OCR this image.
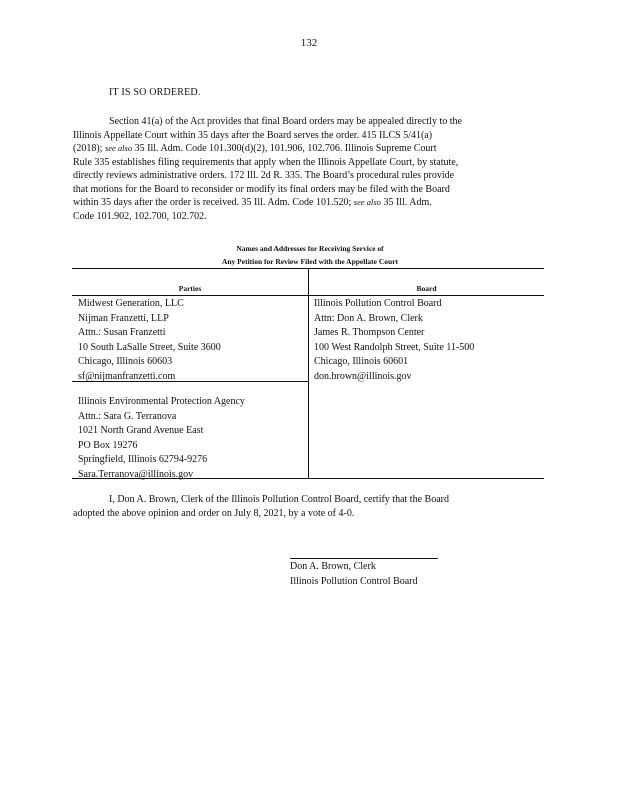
132
IT IS SO ORDERED.
Section 41(a) of the Act provides that final Board orders may be appealed directly to the
Illinois Appellate Court within 35 days after the Board serves the order. 415 ILCS 5/41(a)
(2018); see also 35 Ill. Adm. Code 101.300(d)(2), 101.906, 102.706. Illinois Supreme Court
Rule 335 establishes filing requirements that apply when the Illinois Appellate Court, by statute,
directly reviews administrative orders. 172 Ill. 2d R. 335. The Board’s procedural rules provide
that motions for the Board to reconsider or modify its final orders may be filed with the Board
within 35 days after the order is received. 35 Ill. Adm. Code 101.520; see also 35 Ill. Adm.
Code 101.902, 102.700, 102.702.
Names and Addresses for Receiving Service of
Any Petition for Review Filed with the Appellate Court
Parties	Board
Midwest Generation, LLC
Nijman Franzetti, LLP
Attn.: Susan Franzetti
10 South LaSalle Street, Suite 3600
Chicago, Illinois 60603
sf@nijmanfranzetti.com
Illinois Environmental Protection Agency
Attn.: Sara G. Terranova
1021 North Grand Avenue East
PO Box 19276
Springfield, Illinois 62794-9276
Sara.Terranova@illinois.gov
Illinois Pollution Control Board
Attn: Don A. Brown, Clerk
James R. Thompson Center
100 West Randolph Street, Suite 11-500
Chicago, Illinois 60601
don.brown@illinois.gov
I, Don A. Brown, Clerk of the Illinois Pollution Control Board, certify that the Board
adopted the above opinion and order on July 8, 2021, by a vote of 4-0.
Don A. Brown, Clerk
Illinois Pollution Control Board
